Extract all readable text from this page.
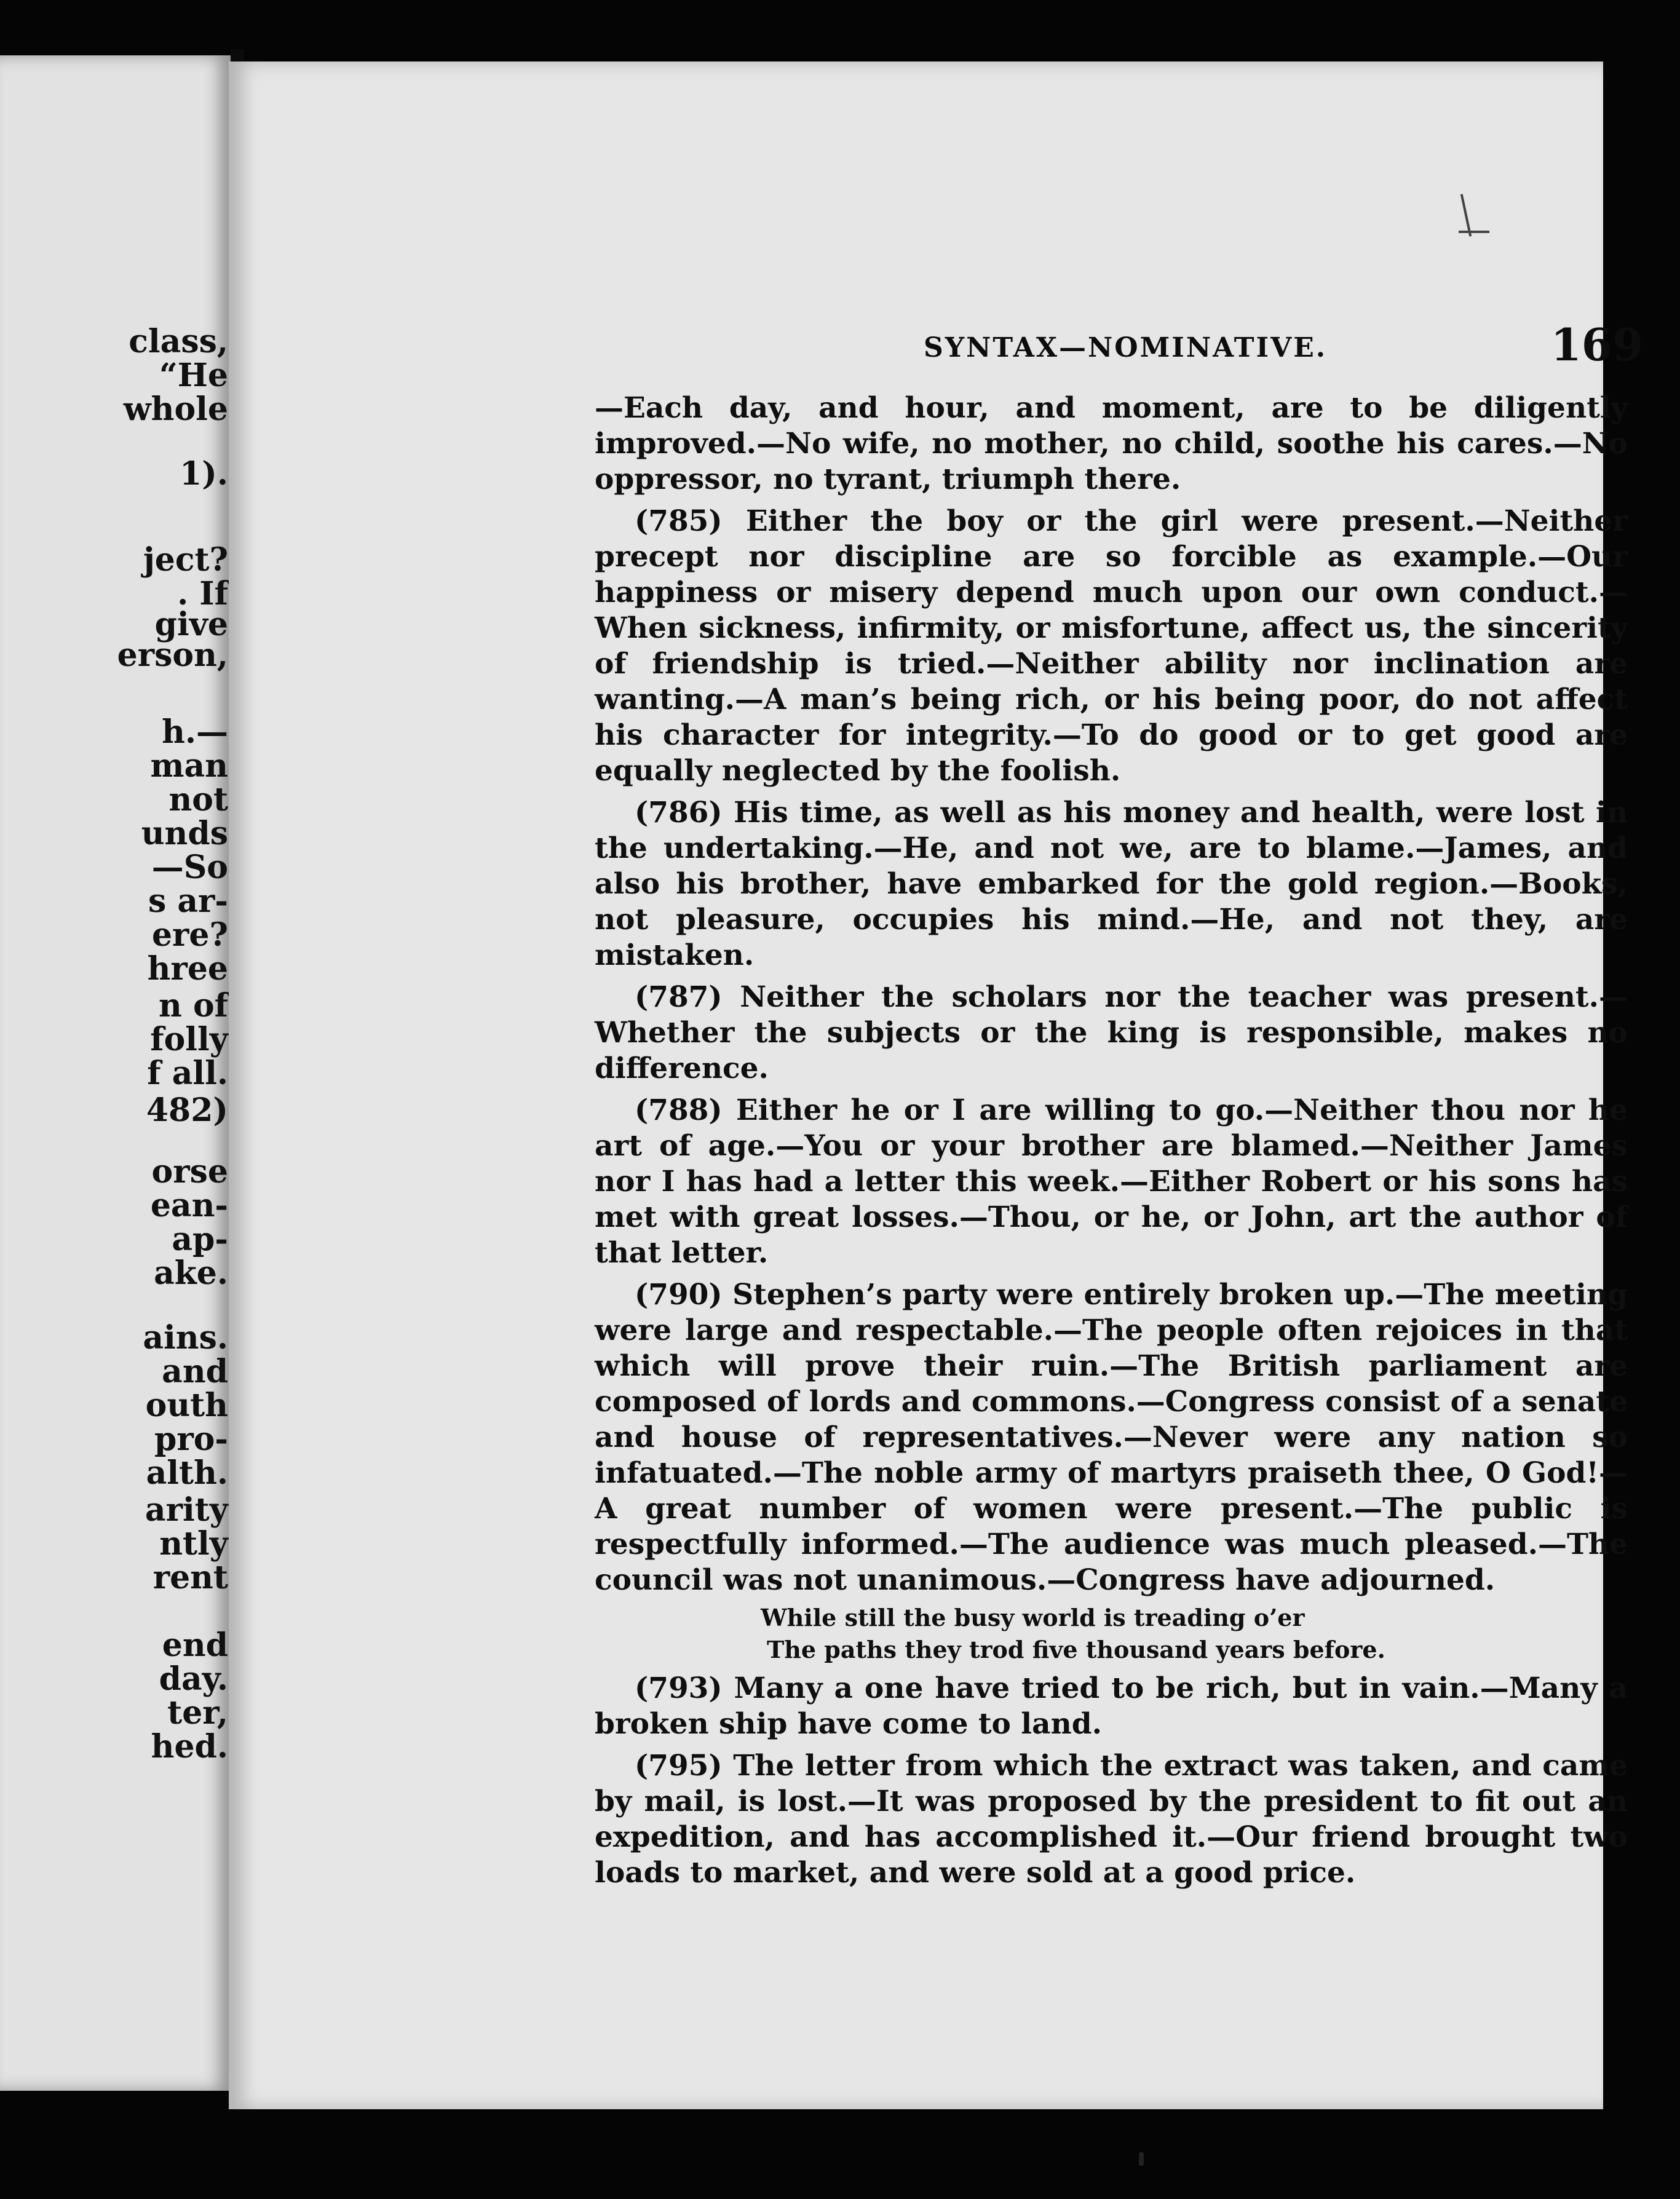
class,
“He
whole
1).
ject?
. If
give
erson,
h.—
man
not
unds
—So
s ar-
ere?
hree
n of
folly
f all.
482)
orse
ean-
ap-
ake.
ains.
and
outh
pro-
alth.
arity
ntly
rent
end
day.
ter,
hed.
SYNTAX—NOMINATIVE.	169

—Each day, and hour, and moment, are to be diligently improved.—No wife, no mother, no child, soothe his cares.—No oppressor, no tyrant, triumph there.

(785) Either the boy or the girl were present.—Neither precept nor discipline are so forcible as example.—Our happiness or misery depend much upon our own conduct.—When sickness, infirmity, or misfortune, affect us, the sincerity of friendship is tried.—Neither ability nor inclination are wanting.—A man’s being rich, or his being poor, do not affect his character for integrity.—To do good or to get good are equally neglected by the foolish.

(786) His time, as well as his money and health, were lost in the undertaking.—He, and not we, are to blame.—James, and also his brother, have embarked for the gold region.—Books, not pleasure, occupies his mind.—He, and not they, are mistaken.

(787) Neither the scholars nor the teacher was present.—Whether the subjects or the king is responsible, makes no difference.

(788) Either he or I are willing to go.—Neither thou nor he art of age.—You or your brother are blamed.—Neither James nor I has had a letter this week.—Either Robert or his sons has met with great losses.—Thou, or he, or John, art the author of that letter.

(790) Stephen’s party were entirely broken up.—The meeting were large and respectable.—The people often rejoices in that which will prove their ruin.—The British parliament are composed of lords and commons.—Congress consist of a senate and house of representatives.—Never were any nation so infatuated.—The noble army of martyrs praiseth thee, O God!—A great number of women were present.—The public is respectfully informed.—The audience was much pleased.—The council was not unanimous.—Congress have adjourned.

While still the busy world is treading o’er
The paths they trod five thousand years before.

(793) Many a one have tried to be rich, but in vain.—Many a broken ship have come to land.

(795) The letter from which the extract was taken, and came by mail, is lost.—It was proposed by the president to fit out an expedition, and has accomplished it.—Our friend brought two loads to market, and were sold at a good price.
